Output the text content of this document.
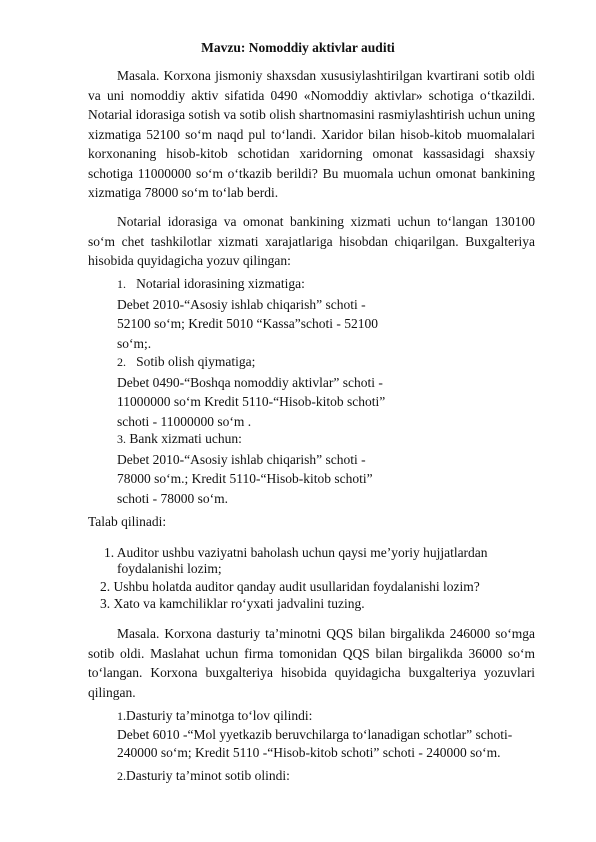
Mavzu: Nomoddiy aktivlar auditi
Masala. Korxona jismoniy shaxsdan xususiylashtirilgan kvartirani sotib oldi va uni nomoddiy aktiv sifatida 0490 «Nomoddiy aktivlar» schotiga o‘tkazildi. Notarial idorasiga sotish va sotib olish shartnomasini rasmiylashtirish uchun uning xizmatiga 52100 so‘m naqd pul to‘landi. Xaridor bilan hisob-kitob muomalalari korxonaning hisob-kitob schotidan xaridorning omonat kassasidagi shaxsiy schotiga 11000000 so‘m o‘tkazib berildi? Bu muomala uchun omonat bankining xizmatiga 78000 so‘m to‘lab berdi.
Notarial idorasiga va omonat bankining xizmati uchun to‘langan 130100 so‘m chet tashkilotlar xizmati xarajatlariga hisobdan chiqarilgan. Buxgalteriya hisobida quyidagicha yozuv qilingan:
1. Notarial idorasining xizmatiga:
Debet 2010-“Asosiy ishlab chiqarish” schoti -
52100 so‘m; Kredit 5010 “Kassa”schoti - 52100
so‘m;.
2. Sotib olish qiymatiga;
Debet 0490-“Boshqa nomoddiy aktivlar” schoti -
11000000 so‘m Kredit 5110-“Hisob-kitob schoti”
schoti - 11000000 so‘m .
3. Bank xizmati uchun:
Debet 2010-“Asosiy ishlab chiqarish” schoti -
78000 so‘m.; Kredit 5110-“Hisob-kitob schoti”
schoti - 78000 so‘m.
Talab qilinadi:
1. Auditor ushbu vaziyatni baholash uchun qaysi me’yoriy hujjatlardan
foydalanishi lozim;
2. Ushbu holatda auditor qanday audit usullaridan foydalanishi lozim?
3. Xato va kamchiliklar ro‘yxati jadvalini tuzing.
Masala. Korxona dasturiy ta’minotni QQS bilan birgalikda 246000 so‘mga sotib oldi. Maslahat uchun firma tomonidan QQS bilan birgalikda 36000 so‘m to‘langan. Korxona buxgalteriya hisobida quyidagicha buxgalteriya yozuvlari qilingan.
1.Dasturiy ta’minotga to‘lov qilindi:
Debet 6010 -“Mol yyetkazib beruvchilarga to‘lanadigan schotlar” schoti-
240000 so‘m; Kredit 5110 -“Hisob-kitob schoti” schoti - 240000 so‘m.
2.Dasturiy ta’minot sotib olindi:
